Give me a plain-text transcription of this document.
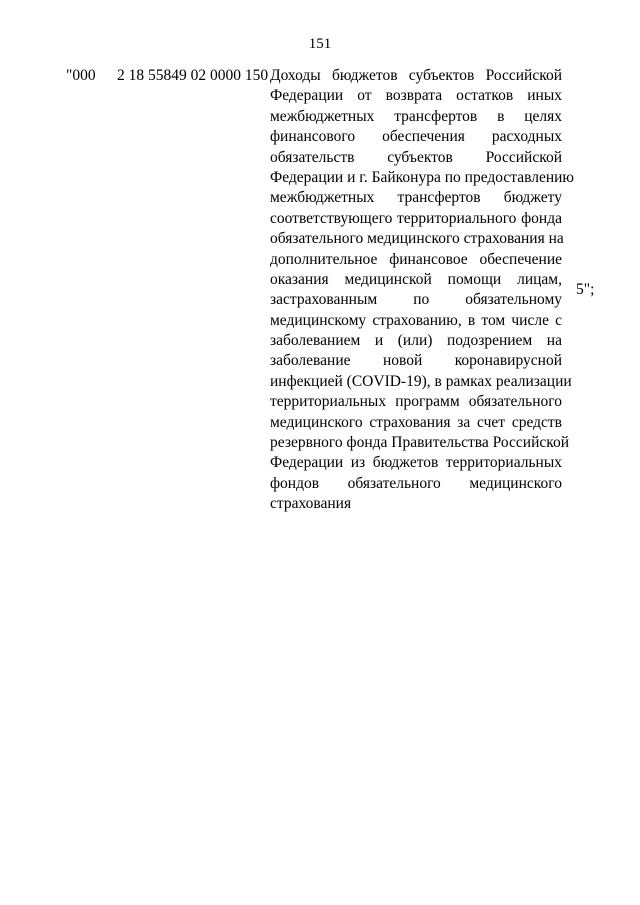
151
"000 2 18 55849 02 0000 150 Доходы бюджетов субъектов Российской
Федерации от возврата остатков иных
межбюджетных трансфертов в целях
финансового обеспечения расходных
обязательств субъектов Российской
Федерации и г. Байконура по предоставлению
межбюджетных трансфертов бюджету
соответствующего территориального фонда
обязательного медицинского страхования на
дополнительное финансовое обеспечение
оказания медицинской помощи лицам,
застрахованным по обязательному
медицинскому страхованию, в том числе с
заболеванием и (или) подозрением на
заболевание новой коронавирусной
инфекцией (COVID-19), в рамках реализации
территориальных программ обязательного
медицинского страхования за счет средств
резервного фонда Правительства Российской
Федерации из бюджетов территориальных
фондов обязательного медицинского
страхования
5";
